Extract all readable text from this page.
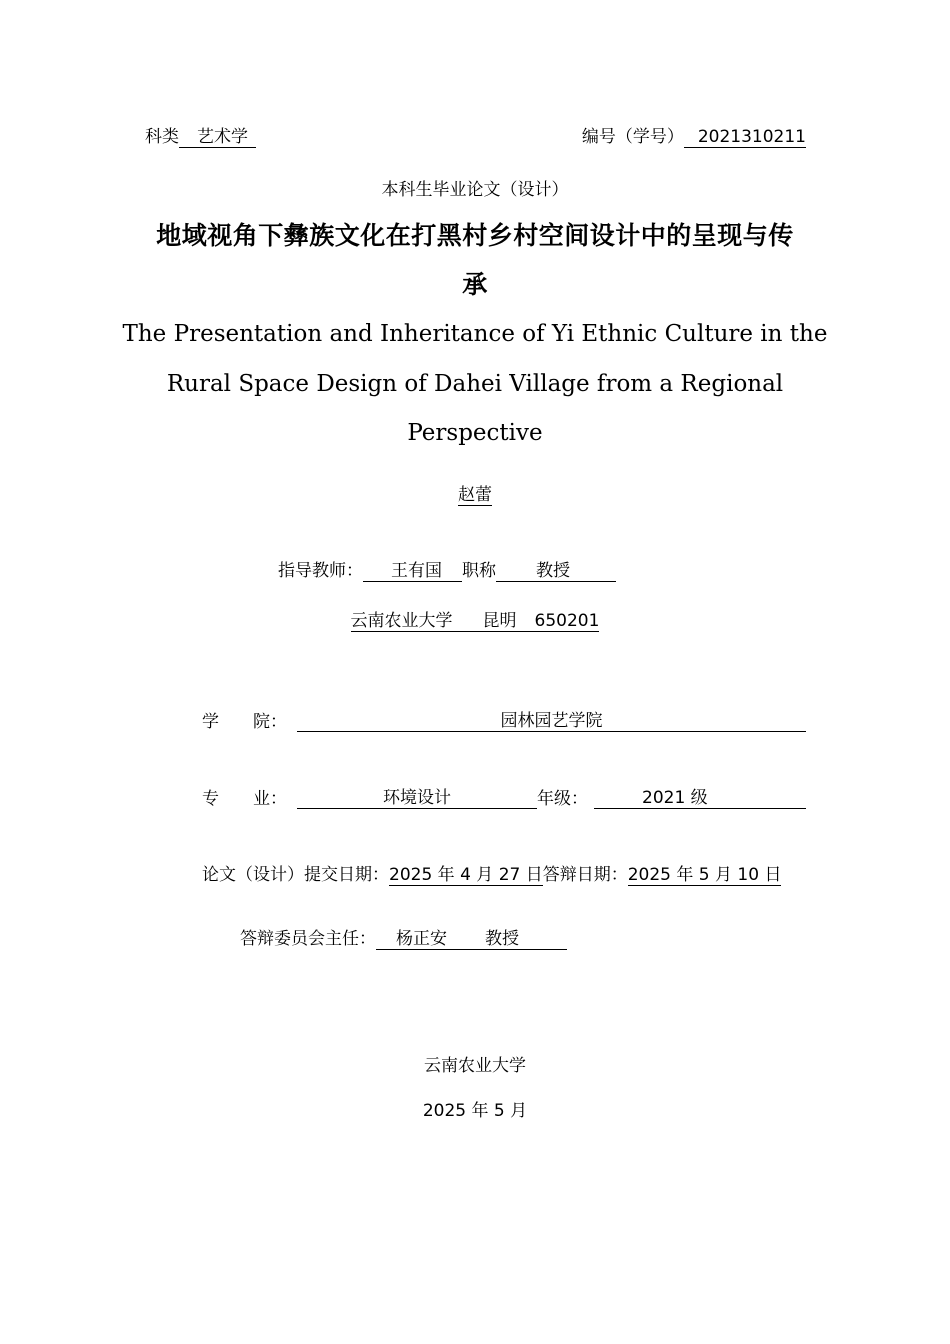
科类 艺术学	编号（学号） 2021310211
本科生毕业论文（设计）
地域视角下彝族文化在打黑村乡村空间设计中的呈现与传
承
The Presentation and Inheritance of Yi Ethnic Culture in the
Rural Space Design of Dahei Village from a Regional
Perspective
赵蕾
指导教师： 王有国 职称 教授
云南农业大学 昆明 650201
学　　院：	园林园艺学院
专　　业：	环境设计	年级：	2021 级
论文（设计）提交日期：2025 年 4 月 27 日答辩日期：2025 年 5 月 10 日
答辩委员会主任： 杨正安 教授
云南农业大学
2025 年 5 月
